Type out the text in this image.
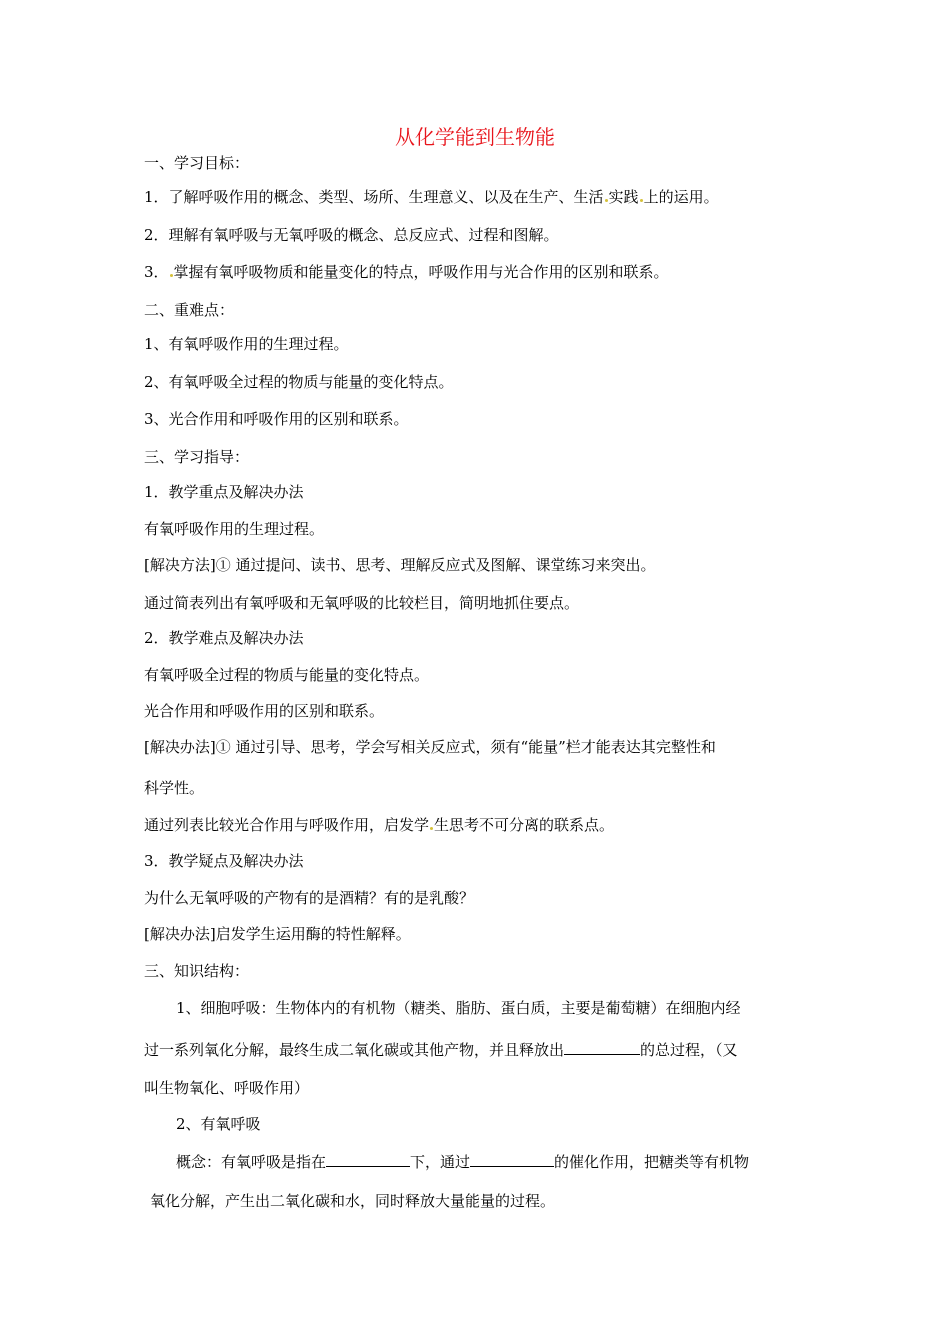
从化学能到生物能
一、学习目标：
1．了解呼吸作用的概念、类型、场所、生理意义、以及在生产、生活 实践 上的运用。
2．理解有氧呼吸与无氧呼吸的概念、总反应式、过程和图解。
3． 掌握有氧呼吸物质和能量变化的特点，呼吸作用与光合作用的区别和联系。
二、重难点：
1、有氧呼吸作用的生理过程。
2、有氧呼吸全过程的物质与能量的变化特点。
3、光合作用和呼吸作用的区别和联系。
三、学习指导：
1．教学重点及解决办法
有氧呼吸作用的生理过程。
[解决方法]① 通过提问、读书、思考、理解反应式及图解、课堂练习来突出。
通过简表列出有氧呼吸和无氧呼吸的比较栏目，简明地抓住要点。
2．教学难点及解决办法
有氧呼吸全过程的物质与能量的变化特点。
光合作用和呼吸作用的区别和联系。
[解决办法]① 通过引导、思考，学会写相关反应式，须有“能量”栏才能表达其完整性和
科学性。
通过列表比较光合作用与呼吸作用，启发学 生思考不可分离的联系点。
3．教学疑点及解决办法
为什么无氧呼吸的产物有的是酒精？有的是乳酸？
[解决办法]启发学生运用酶的特性解释。
三、知识结构：
1、细胞呼吸：生物体内的有机物（糖类、脂肪、蛋白质，主要是葡萄糖）在细胞内经
过一系列氧化分解，最终生成二氧化碳或其他产物，并且释放出	的总过程，（又
叫生物氧化、呼吸作用）
2、有氧呼吸
概念：有氧呼吸是指在	下，通过	的催化作用，把糖类等有机物
氧化分解，产生出二氧化碳和水，同时释放大量能量的过程。
